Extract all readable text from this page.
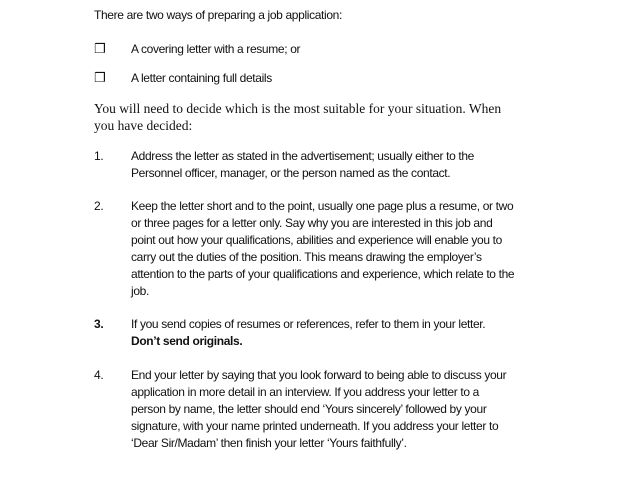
There are two ways of preparing a job application:
❒ A covering letter with a resume; or
❒ A letter containing full details
You will need to decide which is the most suitable for your situation. When
you have decided:
1. Address the letter as stated in the advertisement; usually either to the
Personnel officer, manager, or the person named as the contact.
2. Keep the letter short and to the point, usually one page plus a resume, or two
or three pages for a letter only. Say why you are interested in this job and
point out how your qualifications, abilities and experience will enable you to
carry out the duties of the position. This means drawing the employer’s
attention to the parts of your qualifications and experience, which relate to the
job.
3. If you send copies of resumes or references, refer to them in your letter.
Don’t send originals.
4. End your letter by saying that you look forward to being able to discuss your
application in more detail in an interview. If you address your letter to a
person by name, the letter should end ‘Yours sincerely’ followed by your
signature, with your name printed underneath. If you address your letter to
‘Dear Sir/Madam’ then finish your letter ‘Yours faithfully’.
